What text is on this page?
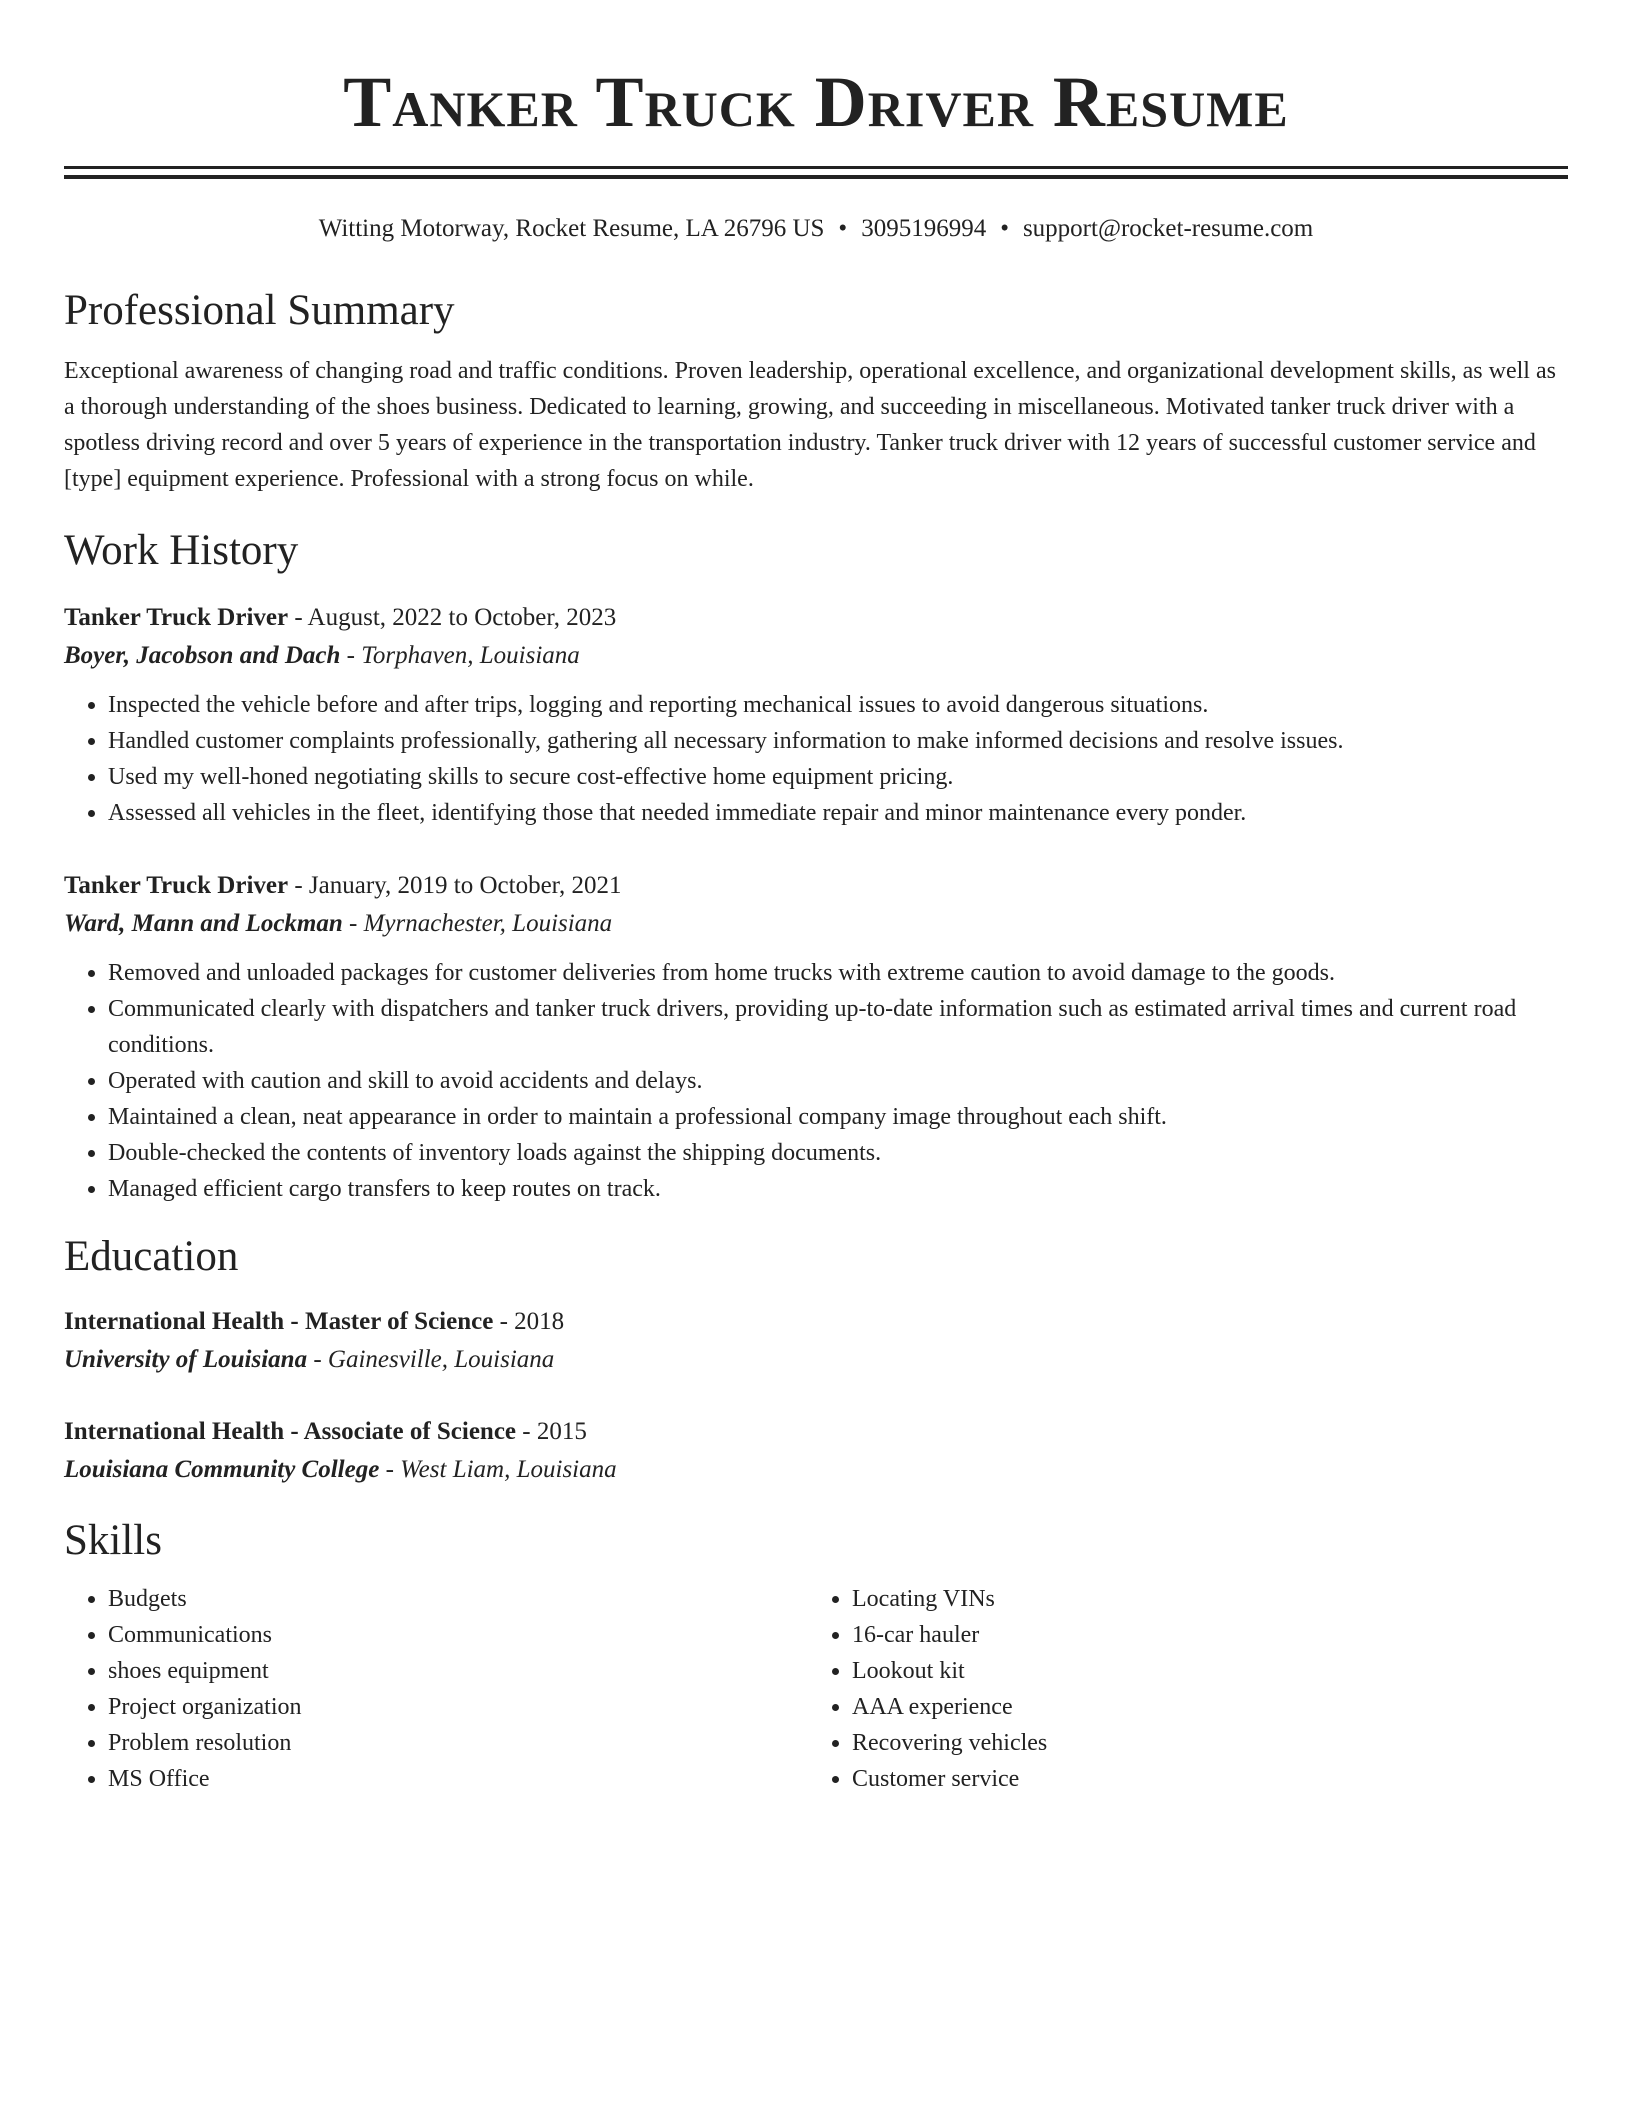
Tanker Truck Driver Resume
Witting Motorway, Rocket Resume, LA 26796 US • 3095196994 • support@rocket-resume.com
Professional Summary

Exceptional awareness of changing road and traffic conditions. Proven leadership, operational excellence, and organizational development skills, as well as a thorough understanding of the shoes business. Dedicated to learning, growing, and succeeding in miscellaneous. Motivated tanker truck driver with a spotless driving record and over 5 years of experience in the transportation industry. Tanker truck driver with 12 years of successful customer service and [type] equipment experience. Professional with a strong focus on while.

Work History
Tanker Truck Driver - August, 2022 to October, 2023
Boyer, Jacobson and Dach - Torphaven, Louisiana
• Inspected the vehicle before and after trips, logging and reporting mechanical issues to avoid dangerous situations.
• Handled customer complaints professionally, gathering all necessary information to make informed decisions and resolve issues.
• Used my well-honed negotiating skills to secure cost-effective home equipment pricing.
• Assessed all vehicles in the fleet, identifying those that needed immediate repair and minor maintenance every ponder.
Tanker Truck Driver - January, 2019 to October, 2021
Ward, Mann and Lockman - Myrnachester, Louisiana
• Removed and unloaded packages for customer deliveries from home trucks with extreme caution to avoid damage to the goods.
• Communicated clearly with dispatchers and tanker truck drivers, providing up-to-date information such as estimated arrival times and current road conditions.
• Operated with caution and skill to avoid accidents and delays.
• Maintained a clean, neat appearance in order to maintain a professional company image throughout each shift.
• Double-checked the contents of inventory loads against the shipping documents.
• Managed efficient cargo transfers to keep routes on track.
Education
International Health - Master of Science - 2018
University of Louisiana - Gainesville, Louisiana
International Health - Associate of Science - 2015
Louisiana Community College - West Liam, Louisiana
Skills
• Budgets
• Communications
• shoes equipment
• Project organization
• Problem resolution
• MS Office
• Locating VINs
• 16-car hauler
• Lookout kit
• AAA experience
• Recovering vehicles
• Customer service
